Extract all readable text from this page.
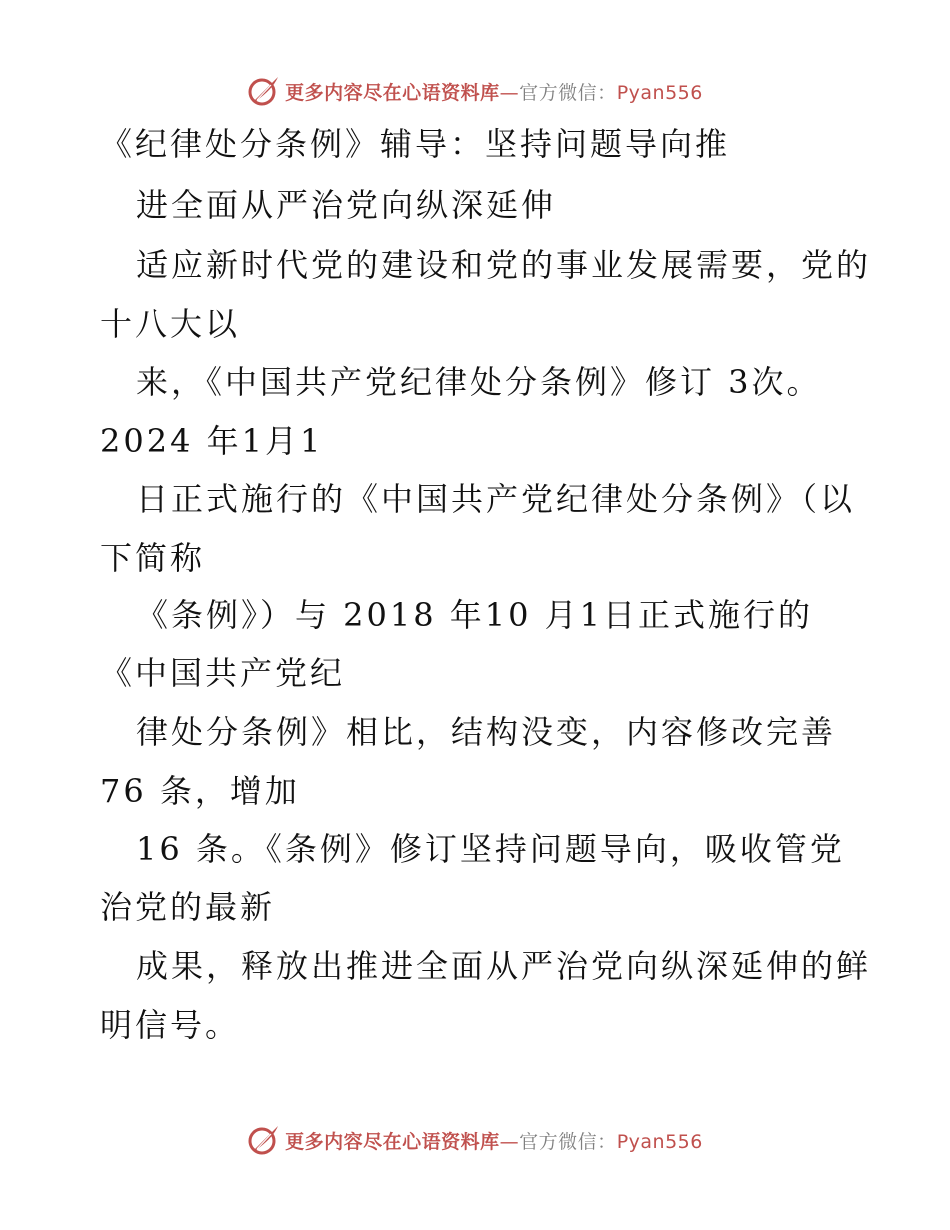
更多内容尽在心语资料库—官方微信：Pyan556
《纪律处分条例》辅导：坚持问题导向推
进全面从严治党向纵深延伸
适应新时代党的建设和党的事业发展需要，党的
十八大以
来，《中国共产党纪律处分条例》修订 3次。
2024 年1月1
日正式施行的《中国共产党纪律处分条例》（以
下简称
《条例》）与 2018 年10 月1日正式施行的
《中国共产党纪
律处分条例》相比，结构没变，内容修改完善
76 条，增加
16 条。《条例》修订坚持问题导向，吸收管党
治党的最新
成果，释放出推进全面从严治党向纵深延伸的鲜
明信号。
更多内容尽在心语资料库—官方微信：Pyan556
